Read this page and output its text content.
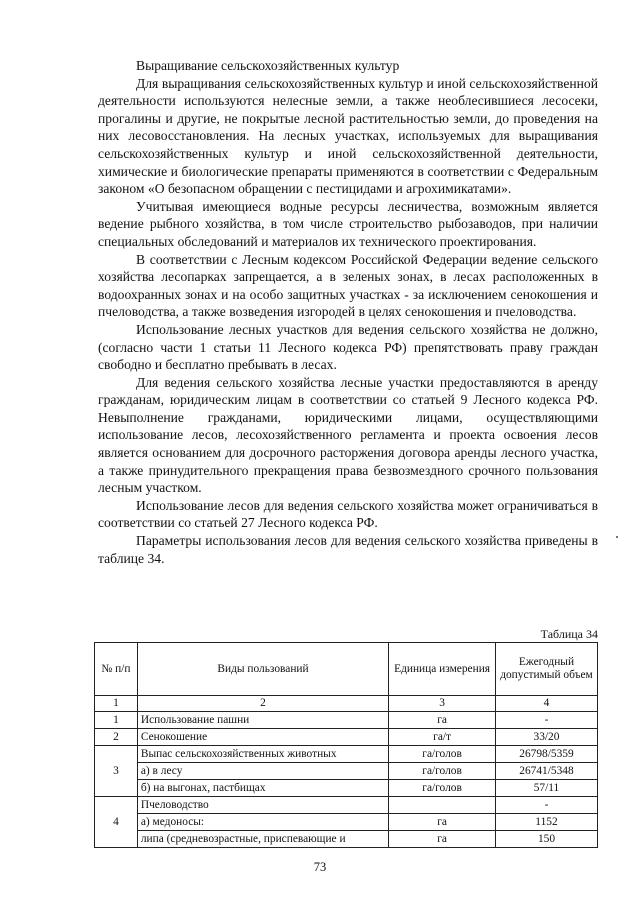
Выращивание сельскохозяйственных культур

Для выращивания сельскохозяйственных культур и иной сельскохозяйственной деятельности используются нелесные земли, а также необлесившиеся лесосеки, прогалины и другие, не покрытые лесной растительностью земли, до проведения на них лесовосстановления. На лесных участках, используемых для выращивания сельскохозяйственных культур и иной сельскохозяйственной деятельности, химические и биологические препараты применяются в соответствии с Федеральным законом «О безопасном обращении с пестицидами и агрохимикатами».

Учитывая имеющиеся водные ресурсы лесничества, возможным является ведение рыбного хозяйства, в том числе строительство рыбозаводов, при наличии специальных обследований и материалов их технического проектирования.

В соответствии с Лесным кодексом Российской Федерации ведение сельского хозяйства лесопарках запрещается, а в зеленых зонах, в лесах расположенных в водоохранных зонах и на особо защитных участках - за исключением сенокошения и пчеловодства, а также возведения изгородей в целях сенокошения и пчеловодства.

Использование лесных участков для ведения сельского хозяйства не должно, (согласно части 1 статьи 11 Лесного кодекса РФ) препятствовать праву граждан свободно и бесплатно пребывать в лесах.

Для ведения сельского хозяйства лесные участки предоставляются в аренду гражданам, юридическим лицам в соответствии со статьей 9 Лесного кодекса РФ. Невыполнение гражданами, юридическими лицами, осуществляющими использование лесов, лесохозяйственного регламента и проекта освоения лесов является основанием для досрочного расторжения договора аренды лесного участка, а также принудительного прекращения права безвозмездного срочного пользования лесным участком.

Использование лесов для ведения сельского хозяйства может ограничиваться в соответствии со статьей 27 Лесного кодекса РФ.

Параметры использования лесов для ведения сельского хозяйства приведены в таблице 34.

Таблица 34
№ п/п	Виды пользований	Единица измерения	Ежегодный допустимый объем
1	2	3	4
1	Использование пашни	га	-
2	Сенокошение	га/т	33/20
3	Выпас сельскохозяйственных животных	га/голов	26798/5359
	а) в лесу	га/голов	26741/5348
	б) на выгонах, пастбищах	га/голов	57/11
4	Пчеловодство		-
	а) медоносы:	га	1152
	липа (средневозрастные, приспевающие и	га	150
73
